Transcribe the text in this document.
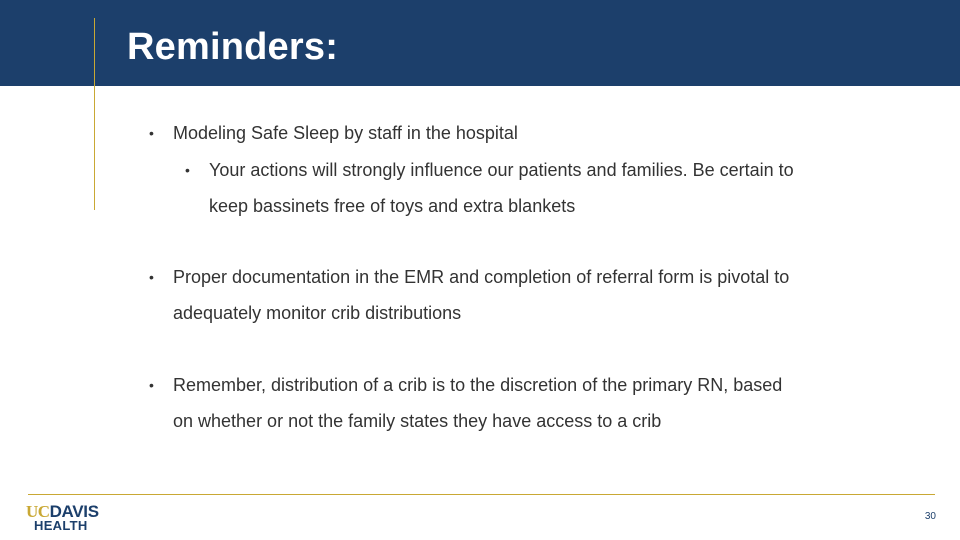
Reminders:
• Modeling Safe Sleep by staff in the hospital
• Your actions will strongly influence our patients and families. Be certain to keep bassinets free of toys and extra blankets
• Proper documentation in the EMR and completion of referral form is pivotal to adequately monitor crib distributions
• Remember, distribution of a crib is to the discretion of the primary RN, based on whether or not the family states they have access to a crib
UCDAVIS
HEALTH
30
